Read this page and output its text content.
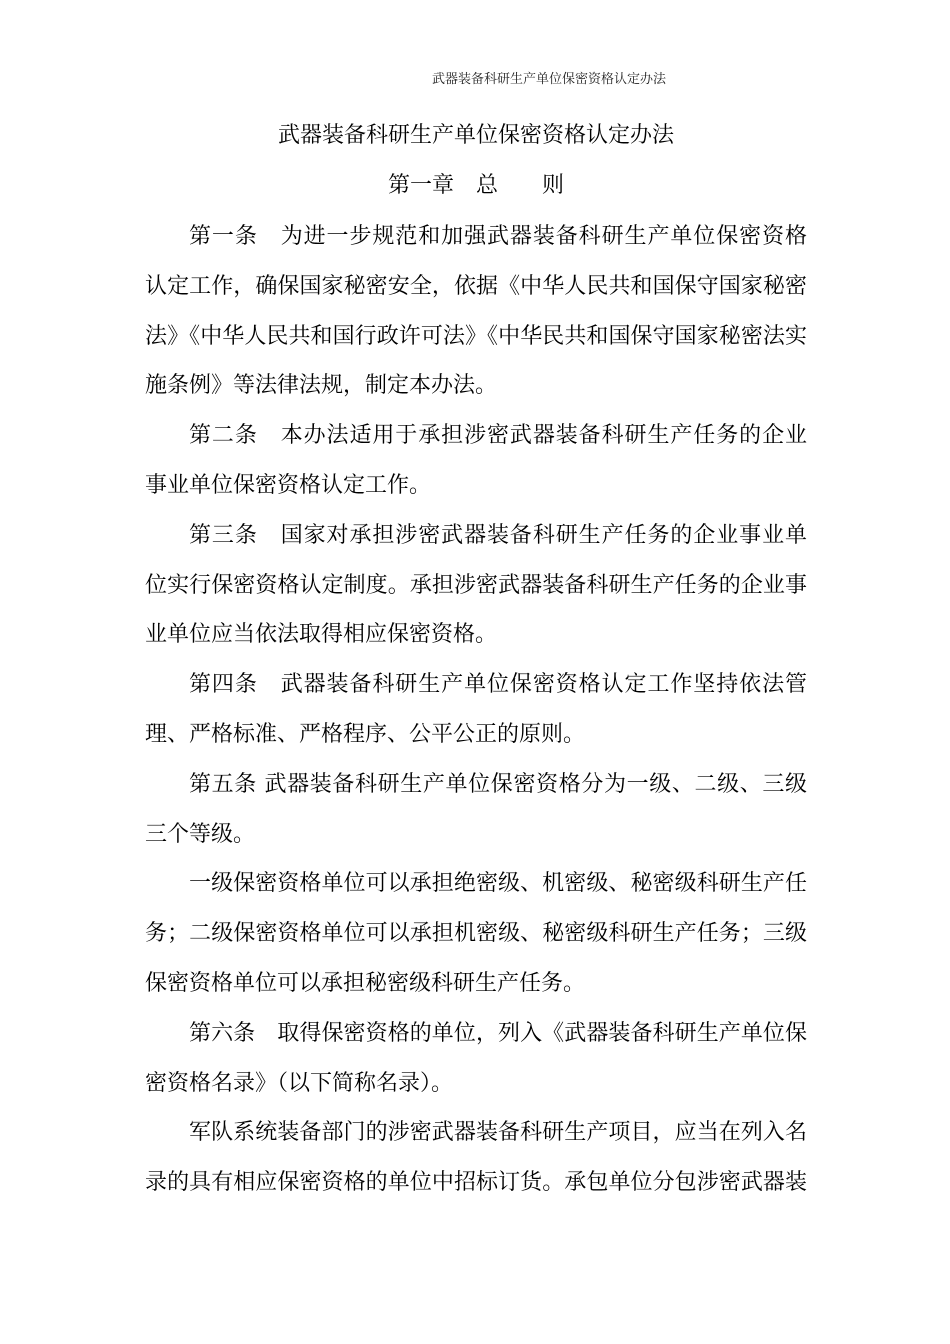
武器装备科研生产单位保密资格认定办法
武器装备科研生产单位保密资格认定办法
第一章　总　　则
第一条　为进一步规范和加强武器装备科研生产单位保密资格
认定工作，确保国家秘密安全，依据《中华人民共和国保守国家秘密
法》《中华人民共和国行政许可法》《中华民共和国保守国家秘密法实
施条例》等法律法规，制定本办法。
第二条　本办法适用于承担涉密武器装备科研生产任务的企业
事业单位保密资格认定工作。
第三条　国家对承担涉密武器装备科研生产任务的企业事业单
位实行保密资格认定制度。承担涉密武器装备科研生产任务的企业事
业单位应当依法取得相应保密资格。
第四条　武器装备科研生产单位保密资格认定工作坚持依法管
理、严格标准、严格程序、公平公正的原则。
第五条 武器装备科研生产单位保密资格分为一级、二级、三级
三个等级。
一级保密资格单位可以承担绝密级、机密级、秘密级科研生产任
务；二级保密资格单位可以承担机密级、秘密级科研生产任务；三级
保密资格单位可以承担秘密级科研生产任务。
第六条　取得保密资格的单位，列入《武器装备科研生产单位保
密资格名录》（以下简称名录）。
军队系统装备部门的涉密武器装备科研生产项目，应当在列入名
录的具有相应保密资格的单位中招标订货。承包单位分包涉密武器装
